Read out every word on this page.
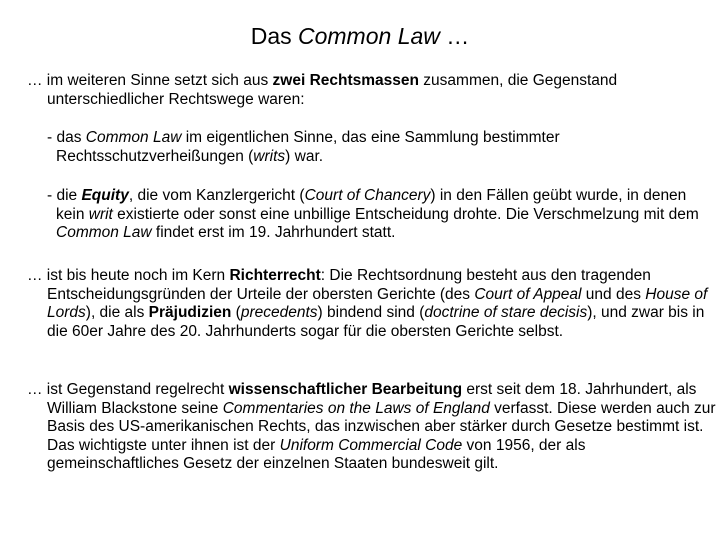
Das Common Law …
… im weiteren Sinne setzt sich aus zwei Rechtsmassen zusammen, die Gegenstand unterschiedlicher Rechtswege waren:
- das Common Law im eigentlichen Sinne, das eine Sammlung bestimmter Rechtsschutzverheißungen (writs) war.
- die Equity, die vom Kanzlergericht (Court of Chancery) in den Fällen geübt wurde, in denen kein writ existierte oder sonst eine unbillige Entscheidung drohte. Die Verschmelzung mit dem Common Law findet erst im 19. Jahrhundert statt.
… ist bis heute noch im Kern Richterrecht: Die Rechtsordnung besteht aus den tragenden Entscheidungsgründen der Urteile der obersten Gerichte (des Court of Appeal und des House of Lords), die als Präjudizien (precedents) bindend sind (doctrine of stare decisis), und zwar bis in die 60er Jahre des 20. Jahrhunderts sogar für die obersten Gerichte selbst.
… ist Gegenstand regelrecht wissenschaftlicher Bearbeitung erst seit dem 18. Jahrhundert, als William Blackstone seine Commentaries on the Laws of England verfasst. Diese werden auch zur Basis des US-amerikanischen Rechts, das inzwischen aber stärker durch Gesetze bestimmt ist. Das wichtigste unter ihnen ist der Uniform Commercial Code von 1956, der als gemeinschaftliches Gesetz der einzelnen Staaten bundesweit gilt.
